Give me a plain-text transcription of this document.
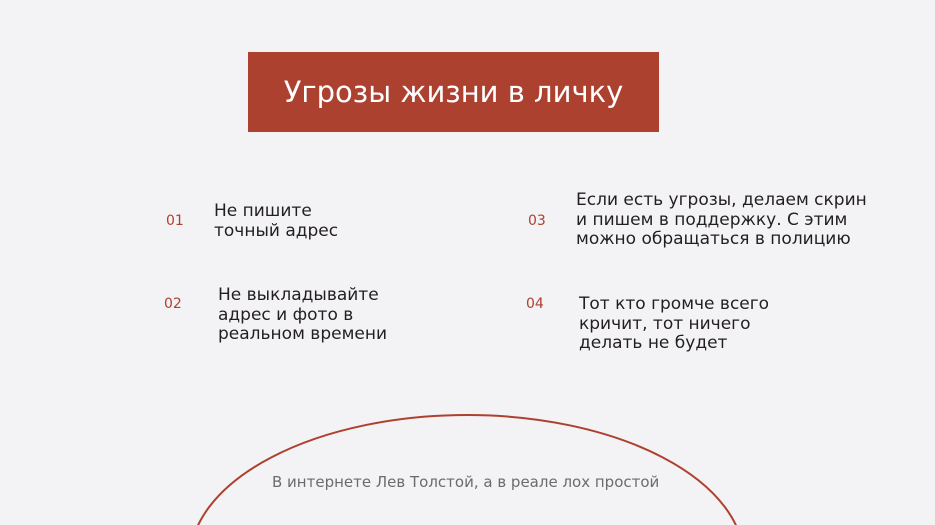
Угрозы жизни в личку
01 Не пишите
точный адрес
02 Не выкладывайте
адрес и фото в
реальном времени
03
Если есть угрозы, делаем скрин
и пишем в поддержку. С этим
можно обращаться в полицию
04 Тот кто громче всего
кричит, тот ничего
делать не будет
В интернете Лев Толстой, а в реале лох простой
